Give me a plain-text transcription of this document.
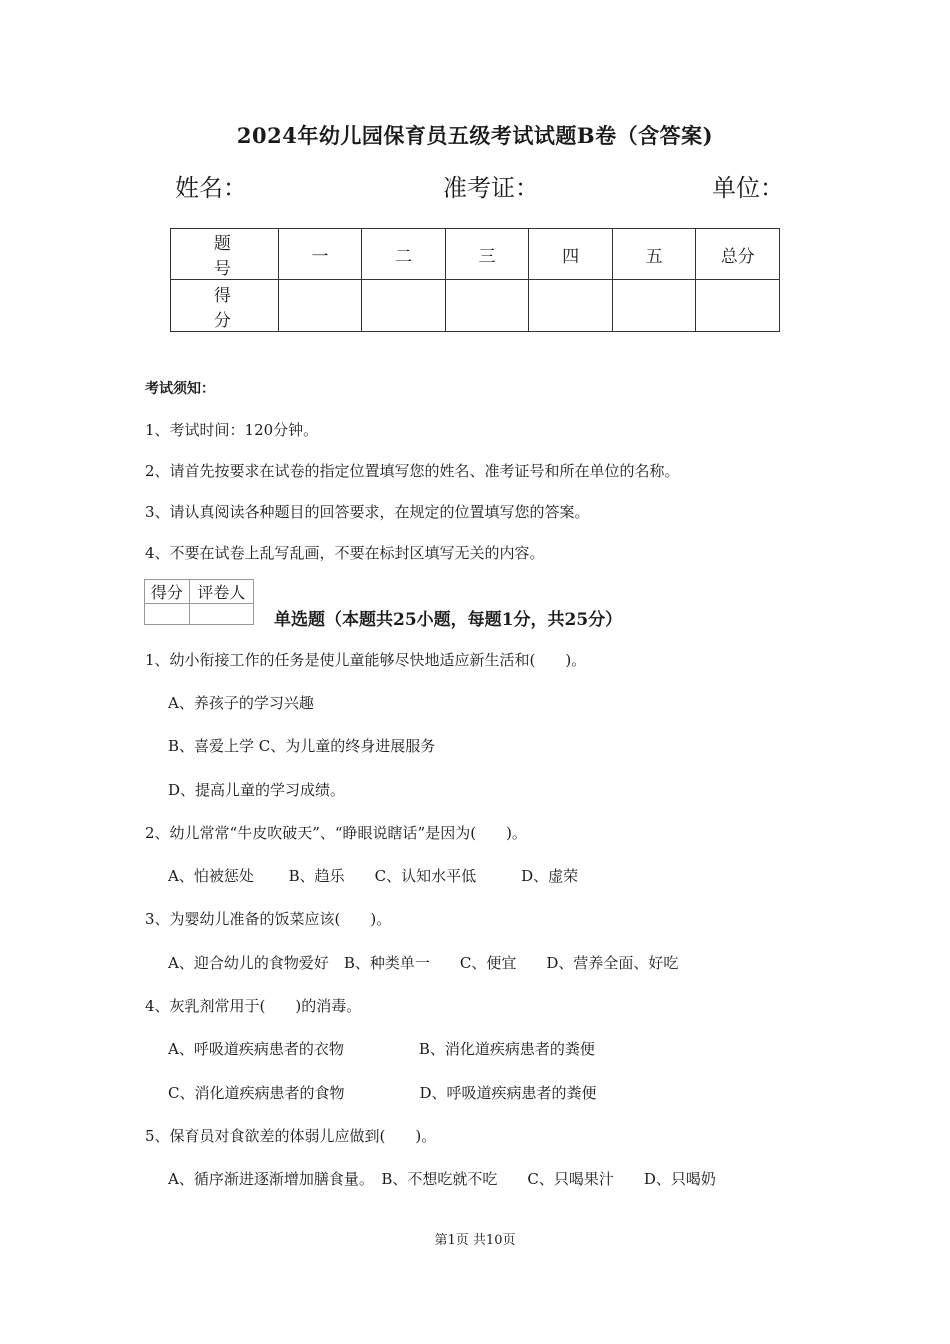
2024年幼儿园保育员五级考试试题B卷（含答案)
姓名：	准考证：	单位：
题　号	一	二	三	四	五	总分
得　分						
考试须知：
1、考试时间：120分钟。
2、请首先按要求在试卷的指定位置填写您的姓名、准考证号和所在单位的名称。
3、请认真阅读各种题目的回答要求，在规定的位置填写您的答案。
4、不要在试卷上乱写乱画，不要在标封区填写无关的内容。
得分	评卷人

单选题（本题共25小题，每题1分，共25分）
1、幼小衔接工作的任务是使儿童能够尽快地适应新生活和(　　)。
A、养孩子的学习兴趣
B、喜爱上学 C、为儿童的终身进展服务
D、提高儿童的学习成绩。
2、幼儿常常“牛皮吹破天”、“睁眼说瞎话”是因为(　　)。
A、怕被惩处　　 B、趋乐　　C、认知水平低　　　D、虚荣
3、为婴幼儿准备的饭菜应该(　　)。
A、迎合幼儿的食物爱好　B、种类单一　　C、便宜　　D、营养全面、好吃
4、灰乳剂常用于(　　)的消毒。
A、呼吸道疾病患者的衣物　　　　　B、消化道疾病患者的粪便
C、消化道疾病患者的食物　　　　　D、呼吸道疾病患者的粪便
5、保育员对食欲差的体弱儿应做到(　　)。
A、循序渐进逐渐增加膳食量。　B、不想吃就不吃　　C、只喝果汁　　D、只喝奶
第1页 共10页
